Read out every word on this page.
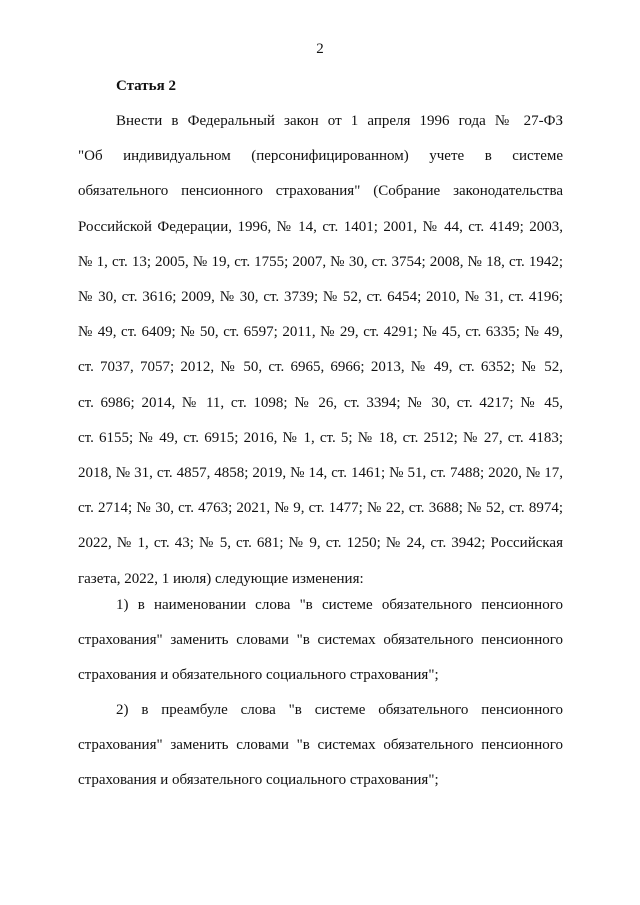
2
Статья 2
Внести в Федеральный закон от 1 апреля 1996 года № 27-ФЗ
"Об индивидуальном (персонифицированном) учете в системе
обязательного пенсионного страхования" (Собрание законодательства
Российской Федерации, 1996, № 14, ст. 1401; 2001, № 44, ст. 4149; 2003,
№ 1, ст. 13; 2005, № 19, ст. 1755; 2007, № 30, ст. 3754; 2008, № 18, ст. 1942;
№ 30, ст. 3616; 2009, № 30, ст. 3739; № 52, ст. 6454; 2010, № 31, ст. 4196;
№ 49, ст. 6409; № 50, ст. 6597; 2011, № 29, ст. 4291; № 45, ст. 6335; № 49,
ст. 7037, 7057; 2012, № 50, ст. 6965, 6966; 2013, № 49, ст. 6352; № 52,
ст. 6986; 2014, № 11, ст. 1098; № 26, ст. 3394; № 30, ст. 4217; № 45,
ст. 6155; № 49, ст. 6915; 2016, № 1, ст. 5; № 18, ст. 2512; № 27, ст. 4183;
2018, № 31, ст. 4857, 4858; 2019, № 14, ст. 1461; № 51, ст. 7488; 2020, № 17,
ст. 2714; № 30, ст. 4763; 2021, № 9, ст. 1477; № 22, ст. 3688; № 52, ст. 8974;
2022, № 1, ст. 43; № 5, ст. 681; № 9, ст. 1250; № 24, ст. 3942; Российская
газета, 2022, 1 июля) следующие изменения:
1) в наименовании слова "в системе обязательного пенсионного
страхования" заменить словами "в системах обязательного пенсионного
страхования и обязательного социального страхования";
2) в преамбуле слова "в системе обязательного пенсионного
страхования" заменить словами "в системах обязательного пенсионного
страхования и обязательного социального страхования";
